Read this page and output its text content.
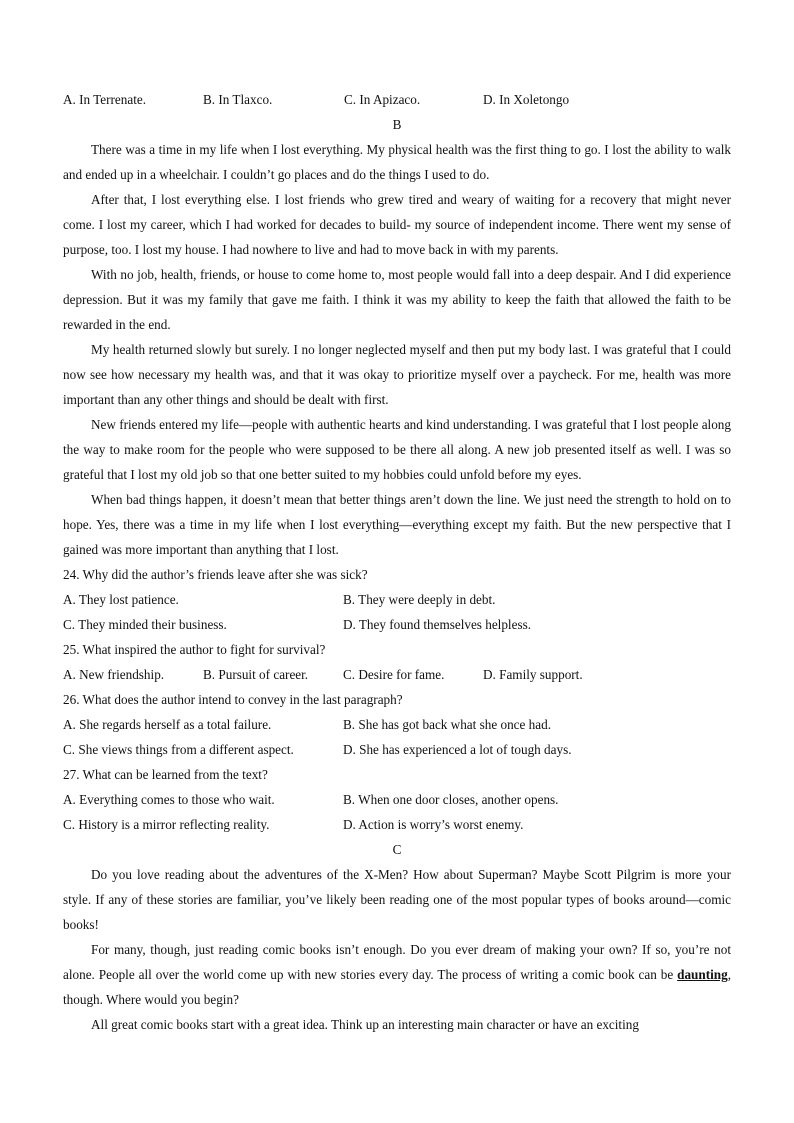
A. In Terrenate.	B. In Tlaxco.	C. In Apizaco.	D. In Xoletongo
B

There was a time in my life when I lost everything. My physical health was the first thing to go. I lost the ability to walk and ended up in a wheelchair. I couldn’t go places and do the things I used to do.

After that, I lost everything else. I lost friends who grew tired and weary of waiting for a recovery that might never come. I lost my career, which I had worked for decades to build- my source of independent income. There went my sense of purpose, too. I lost my house. I had nowhere to live and had to move back in with my parents.

With no job, health, friends, or house to come home to, most people would fall into a deep despair. And I did experience depression. But it was my family that gave me faith. I think it was my ability to keep the faith that allowed the faith to be rewarded in the end.

My health returned slowly but surely. I no longer neglected myself and then put my body last. I was grateful that I could now see how necessary my health was, and that it was okay to prioritize myself over a paycheck. For me, health was more important than any other things and should be dealt with first.

New friends entered my life—people with authentic hearts and kind understanding. I was grateful that I lost people along the way to make room for the people who were supposed to be there all along. A new job presented itself as well. I was so grateful that I lost my old job so that one better suited to my hobbies could unfold before my eyes.

When bad things happen, it doesn’t mean that better things aren’t down the line. We just need the strength to hold on to hope. Yes, there was a time in my life when I lost everything—everything except my faith. But the new perspective that I gained was more important than anything that I lost.

24. Why did the author’s friends leave after she was sick?
A. They lost patience.	B. They were deeply in debt.
C. They minded their business.	D. They found themselves helpless.
25. What inspired the author to fight for survival?
A. New friendship.	B. Pursuit of career.	C. Desire for fame.	D. Family support.
26. What does the author intend to convey in the last paragraph?
A. She regards herself as a total failure.	B. She has got back what she once had.
C. She views things from a different aspect.	D. She has experienced a lot of tough days.
27. What can be learned from the text?
A. Everything comes to those who wait.	B. When one door closes, another opens.
C. History is a mirror reflecting reality.	D. Action is worry’s worst enemy.
C

Do you love reading about the adventures of the X-Men? How about Superman? Maybe Scott Pilgrim is more your style. If any of these stories are familiar, you’ve likely been reading one of the most popular types of books around—comic books!

For many, though, just reading comic books isn’t enough. Do you ever dream of making your own? If so, you’re not alone. People all over the world come up with new stories every day. The process of writing a comic book can be daunting, though. Where would you begin?

All great comic books start with a great idea. Think up an interesting main character or have an exciting
